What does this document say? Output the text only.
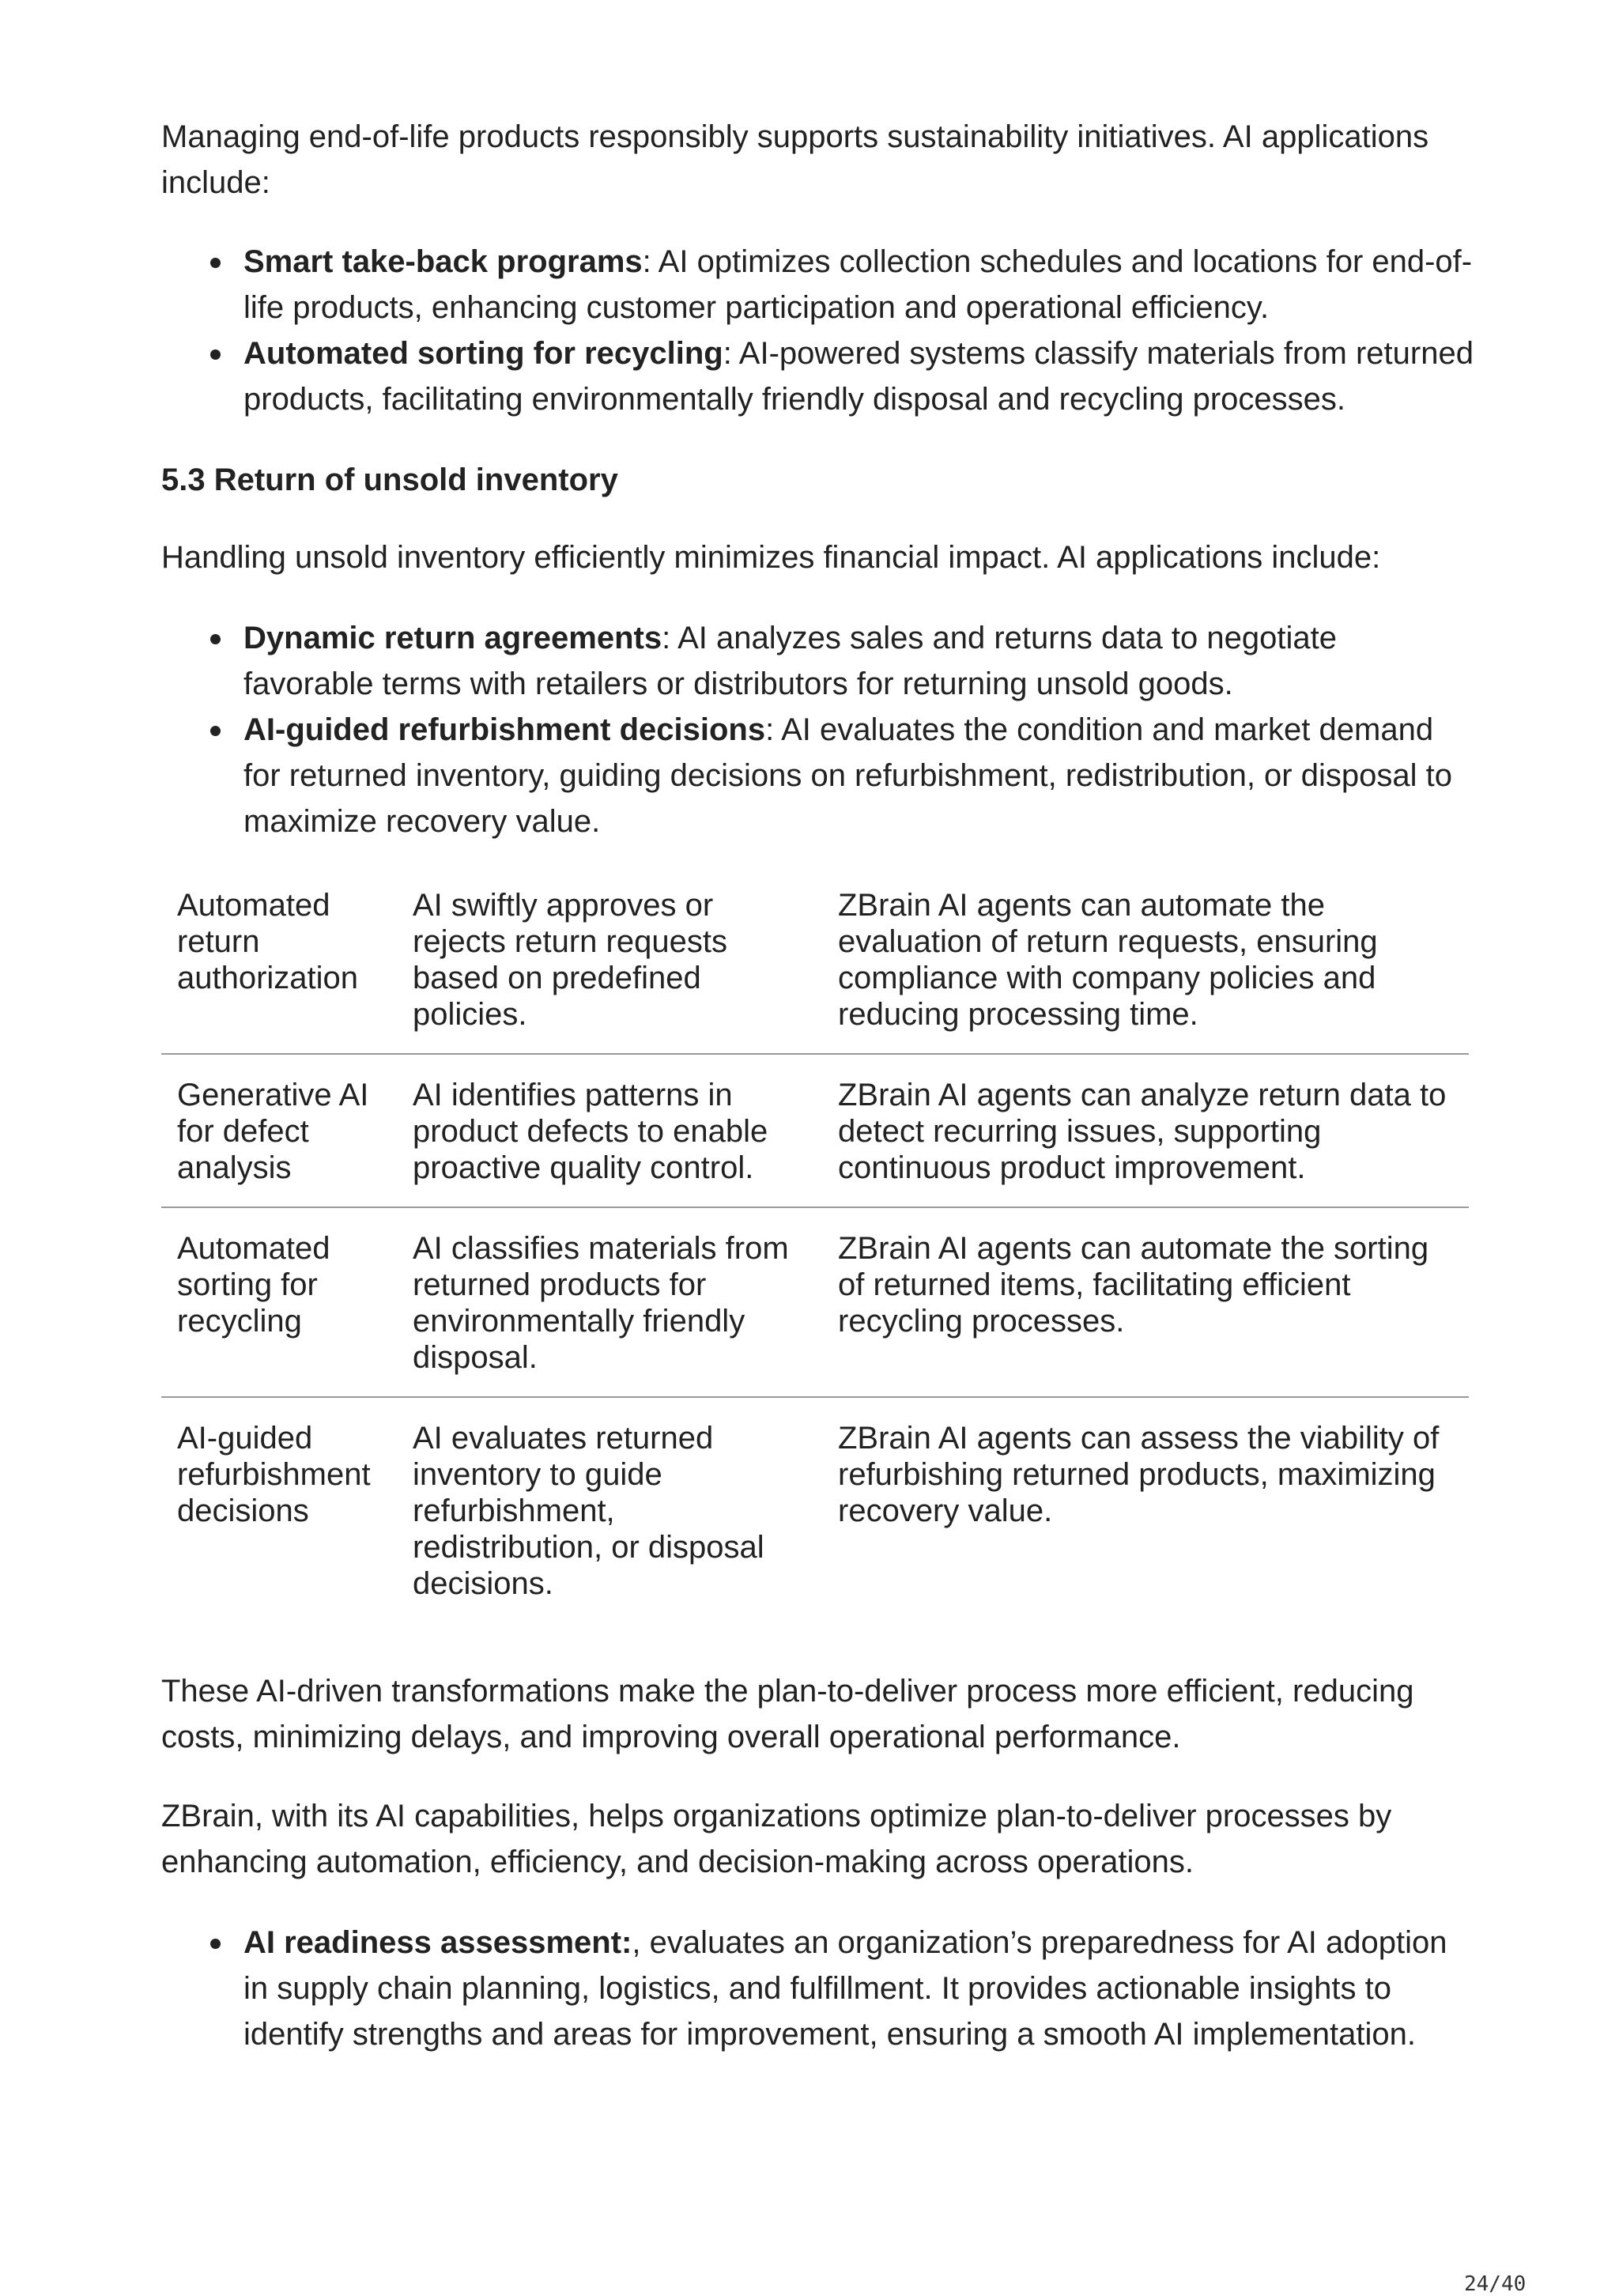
Managing end-of-life products responsibly supports sustainability initiatives. AI applications include:

Smart take-back programs: AI optimizes collection schedules and locations for end-of-life products, enhancing customer participation and operational efficiency.
Automated sorting for recycling: AI-powered systems classify materials from returned products, facilitating environmentally friendly disposal and recycling processes.
5.3 Return of unsold inventory

Handling unsold inventory efficiently minimizes financial impact. AI applications include:

Dynamic return agreements: AI analyzes sales and returns data to negotiate favorable terms with retailers or distributors for returning unsold goods.
AI-guided refurbishment decisions: AI evaluates the condition and market demand for returned inventory, guiding decisions on refurbishment, redistribution, or disposal to maximize recovery value.
Automated return authorization	AI swiftly approves or rejects return requests based on predefined policies.	ZBrain AI agents can automate the evaluation of return requests, ensuring compliance with company policies and reducing processing time.
Generative AI for defect analysis	AI identifies patterns in product defects to enable proactive quality control.	ZBrain AI agents can analyze return data to detect recurring issues, supporting continuous product improvement.
Automated sorting for recycling	AI classifies materials from returned products for environmentally friendly disposal.	ZBrain AI agents can automate the sorting of returned items, facilitating efficient recycling processes.
AI-guided refurbishment decisions	AI evaluates returned inventory to guide refurbishment, redistribution, or disposal decisions.	ZBrain AI agents can assess the viability of refurbishing returned products, maximizing recovery value.

These AI-driven transformations make the plan-to-deliver process more efficient, reducing costs, minimizing delays, and improving overall operational performance.

ZBrain, with its AI capabilities, helps organizations optimize plan-to-deliver processes by enhancing automation, efficiency, and decision-making across operations.

AI readiness assessment:, evaluates an organization’s preparedness for AI adoption in supply chain planning, logistics, and fulfillment. It provides actionable insights to identify strengths and areas for improvement, ensuring a smooth AI implementation.
24/40
